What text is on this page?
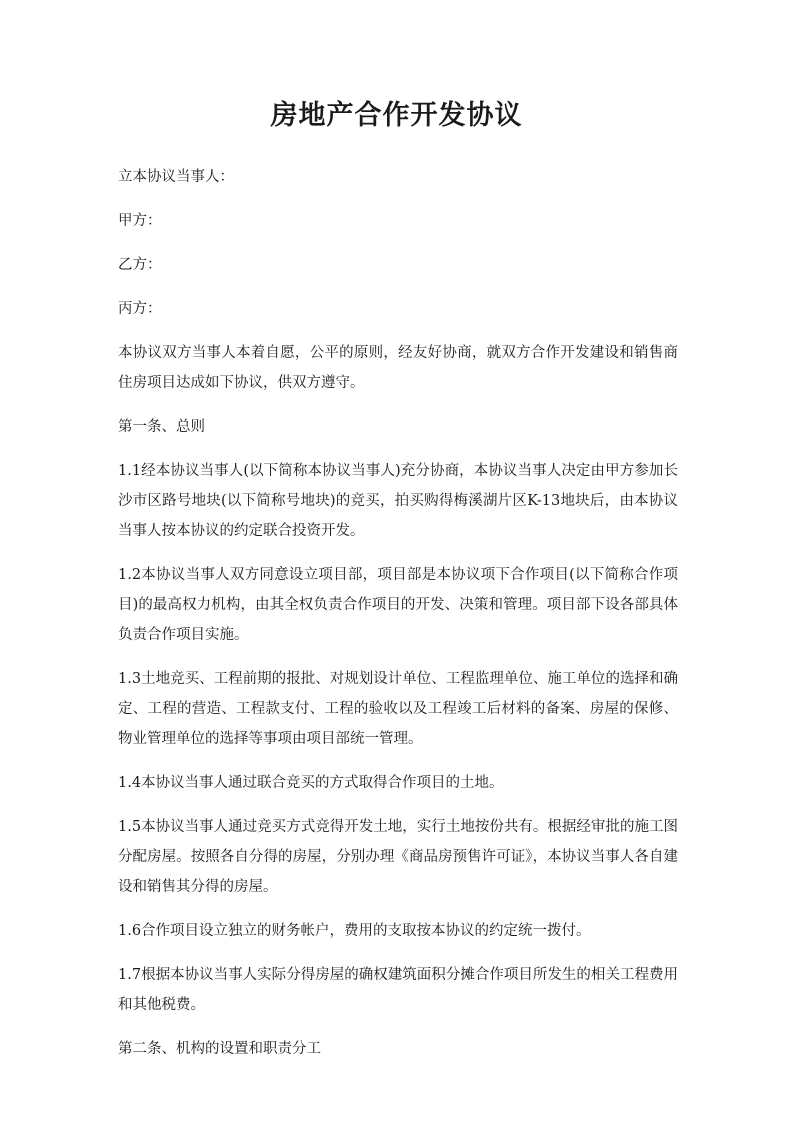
房地产合作开发协议

立本协议当事人：

甲方：

乙方：

丙方：

本协议双方当事人本着自愿，公平的原则，经友好协商，就双方合作开发建设和销售商住房项目达成如下协议，供双方遵守。

第一条、总则

1.1经本协议当事人(以下简称本协议当事人)充分协商，本协议当事人决定由甲方参加长沙市区路号地块(以下简称号地块)的竞买，拍买购得梅溪湖片区K-13地块后，由本协议当事人按本协议的约定联合投资开发。

1.2本协议当事人双方同意设立项目部，项目部是本协议项下合作项目(以下简称合作项目)的最高权力机构，由其全权负责合作项目的开发、决策和管理。项目部下设各部具体负责合作项目实施。

1.3土地竞买、工程前期的报批、对规划设计单位、工程监理单位、施工单位的选择和确定、工程的营造、工程款支付、工程的验收以及工程竣工后材料的备案、房屋的保修、物业管理单位的选择等事项由项目部统一管理。

1.4本协议当事人通过联合竞买的方式取得合作项目的土地。

1.5本协议当事人通过竞买方式竞得开发土地，实行土地按份共有。根据经审批的施工图分配房屋。按照各自分得的房屋，分别办理《商品房预售许可证》，本协议当事人各自建设和销售其分得的房屋。

1.6合作项目设立独立的财务帐户，费用的支取按本协议的约定统一拨付。

1.7根据本协议当事人实际分得房屋的确权建筑面积分摊合作项目所发生的相关工程费用和其他税费。

第二条、机构的设置和职责分工
